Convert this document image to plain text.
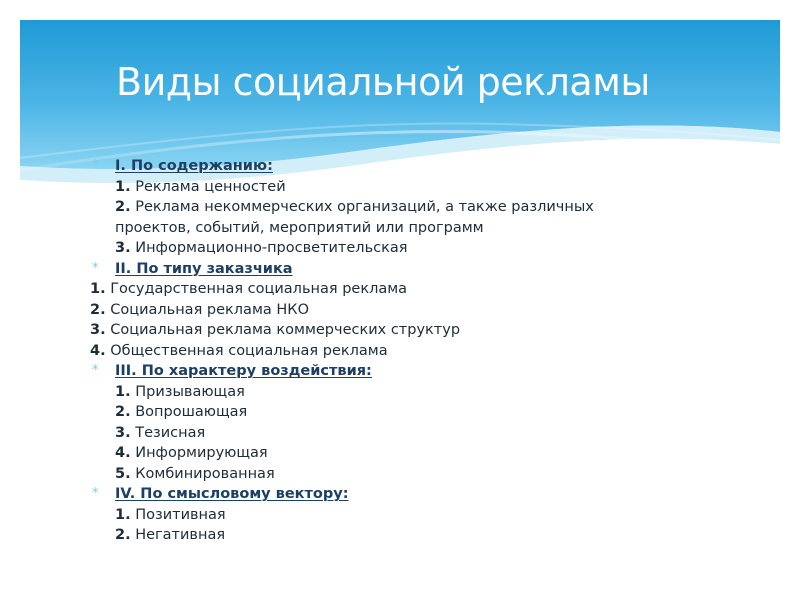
Виды социальной рекламы
*	I. По содержанию:
1. Реклама ценностей
2. Реклама некоммерческих организаций, а также различных
проектов, событий, мероприятий или программ
3. Информационно-просветительская
*	II. По типу заказчика
1. Государственная социальная реклама
2. Социальная реклама НКО
3. Социальная реклама коммерческих структур
4. Общественная социальная реклама
*	III. По характеру воздействия:
1. Призывающая
2. Вопрошающая
3. Тезисная
4. Информирующая
5. Комбинированная
*	IV. По смысловому вектору:
1. Позитивная
2. Негативная
